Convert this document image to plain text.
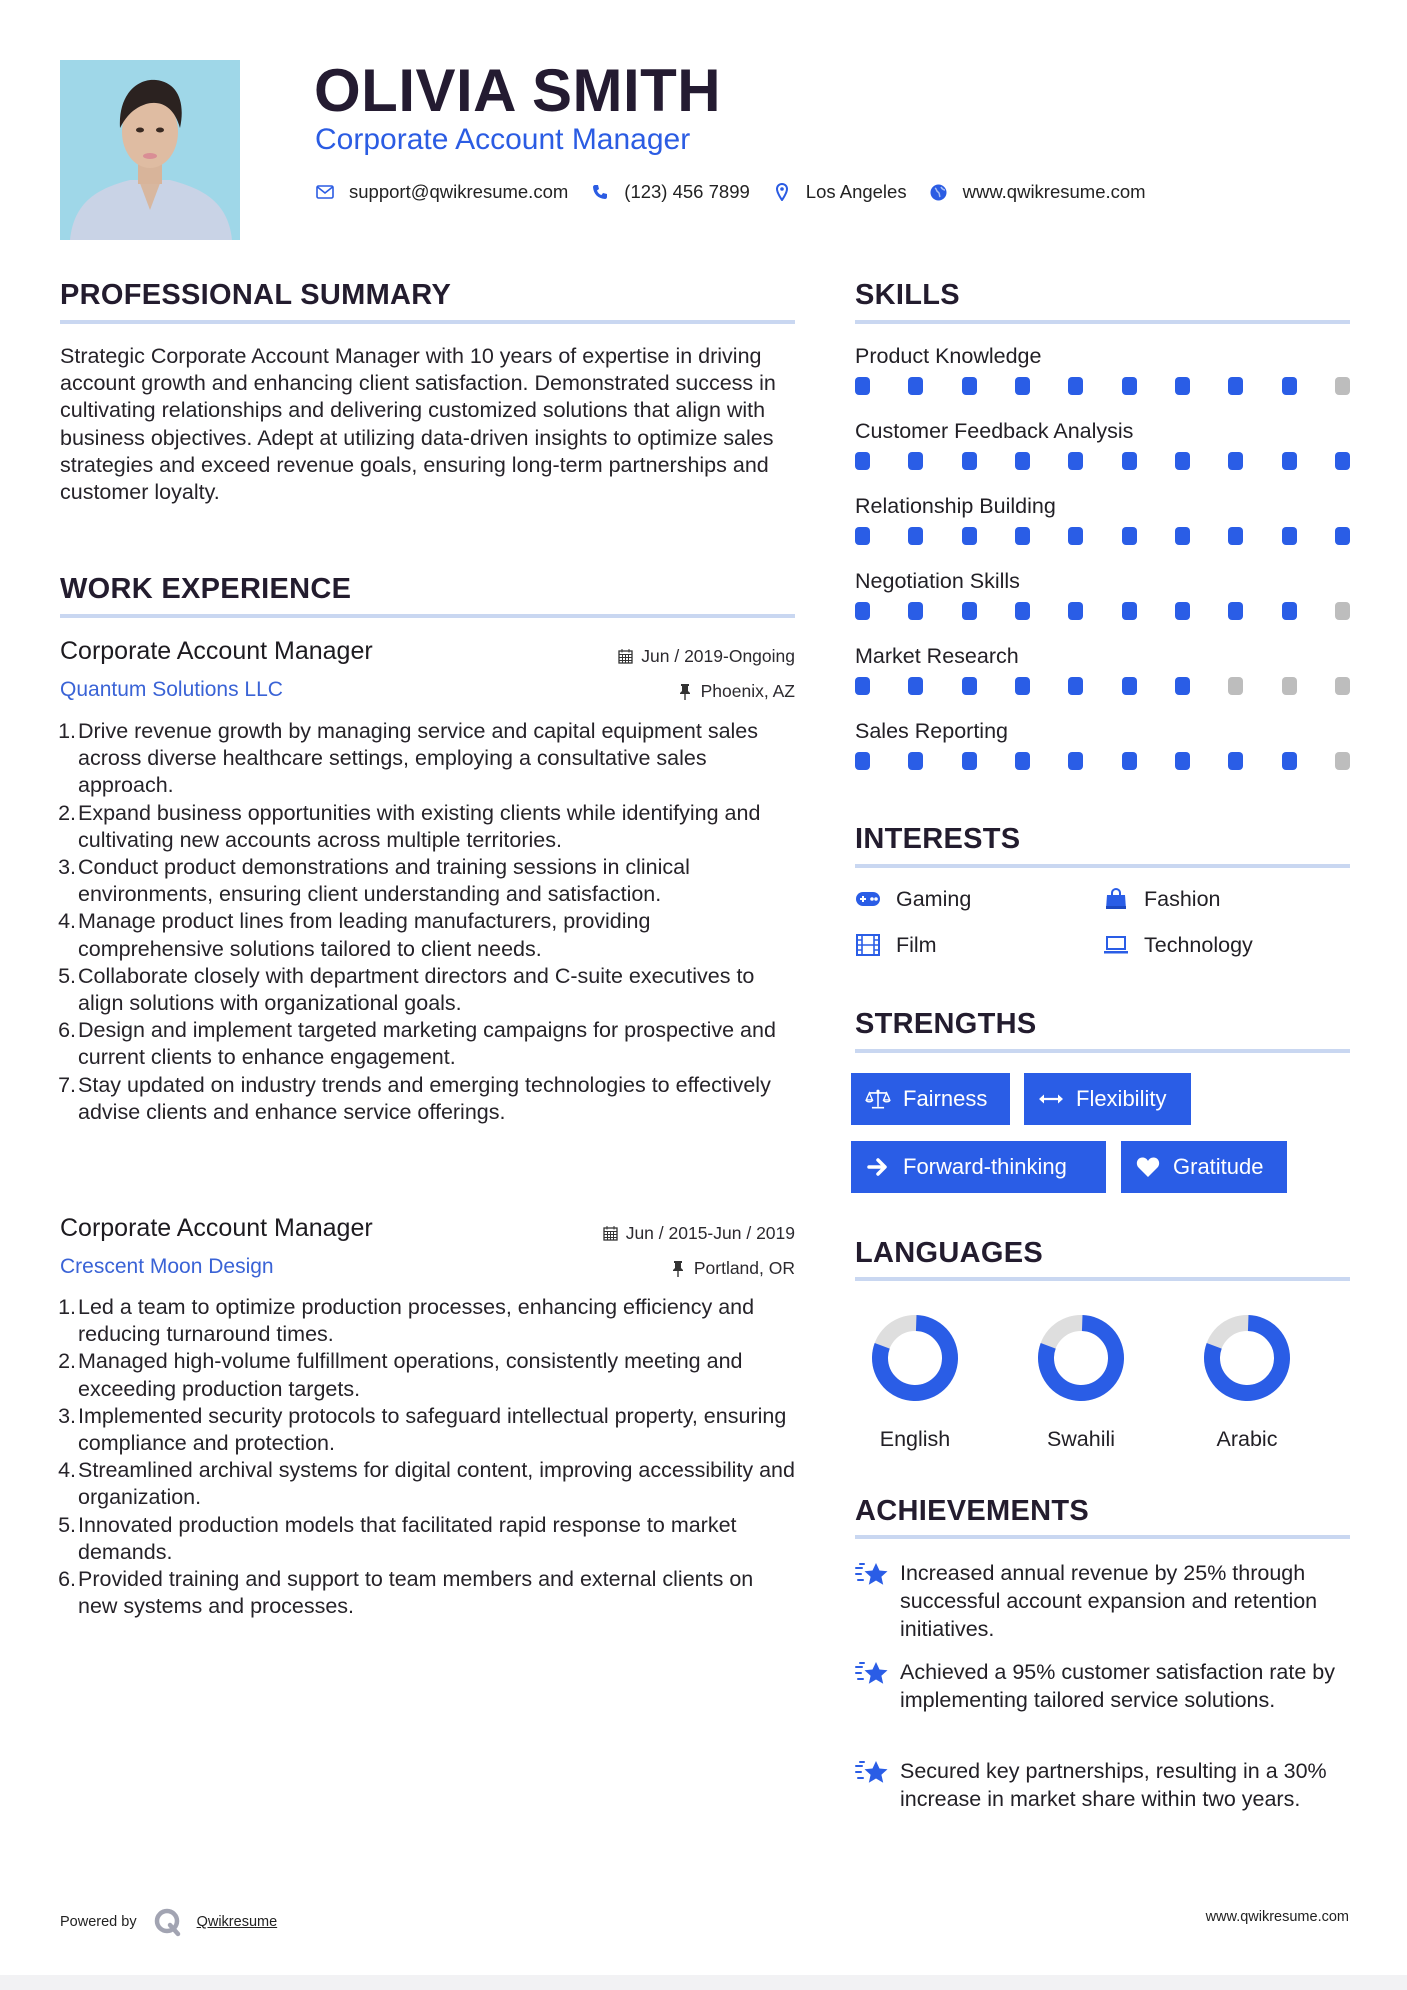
OLIVIA SMITH
Corporate Account Manager
support@qwikresume.com	(123) 456 7899	Los Angeles	www.qwikresume.com
PROFESSIONAL SUMMARY
Strategic Corporate Account Manager with 10 years of expertise in driving account growth and enhancing client satisfaction. Demonstrated success in cultivating relationships and delivering customized solutions that align with business objectives. Adept at utilizing data-driven insights to optimize sales strategies and exceed revenue goals, ensuring long-term partnerships and customer loyalty.
WORK EXPERIENCE
Corporate Account Manager	Jun / 2019-Ongoing
Quantum Solutions LLC	Phoenix, AZ
1. Drive revenue growth by managing service and capital equipment sales across diverse healthcare settings, employing a consultative sales approach.
2. Expand business opportunities with existing clients while identifying and cultivating new accounts across multiple territories.
3. Conduct product demonstrations and training sessions in clinical environments, ensuring client understanding and satisfaction.
4. Manage product lines from leading manufacturers, providing comprehensive solutions tailored to client needs.
5. Collaborate closely with department directors and C-suite executives to align solutions with organizational goals.
6. Design and implement targeted marketing campaigns for prospective and current clients to enhance engagement.
7. Stay updated on industry trends and emerging technologies to effectively advise clients and enhance service offerings.
Corporate Account Manager	Jun / 2015-Jun / 2019
Crescent Moon Design	Portland, OR
1. Led a team to optimize production processes, enhancing efficiency and reducing turnaround times.
2. Managed high-volume fulfillment operations, consistently meeting and exceeding production targets.
3. Implemented security protocols to safeguard intellectual property, ensuring compliance and protection.
4. Streamlined archival systems for digital content, improving accessibility and organization.
5. Innovated production models that facilitated rapid response to market demands.
6. Provided training and support to team members and external clients on new systems and processes.
SKILLS
Product Knowledge
Customer Feedback Analysis
Relationship Building
Negotiation Skills
Market Research
Sales Reporting
INTERESTS
Gaming	Fashion
Film	Technology
STRENGTHS
Fairness	Flexibility
Forward-thinking	Gratitude
LANGUAGES
English	Swahili	Arabic
ACHIEVEMENTS
Increased annual revenue by 25% through successful account expansion and retention initiatives.
Achieved a 95% customer satisfaction rate by implementing tailored service solutions.
Secured key partnerships, resulting in a 30% increase in market share within two years.
Powered by	Qwikresume	www.qwikresume.com
